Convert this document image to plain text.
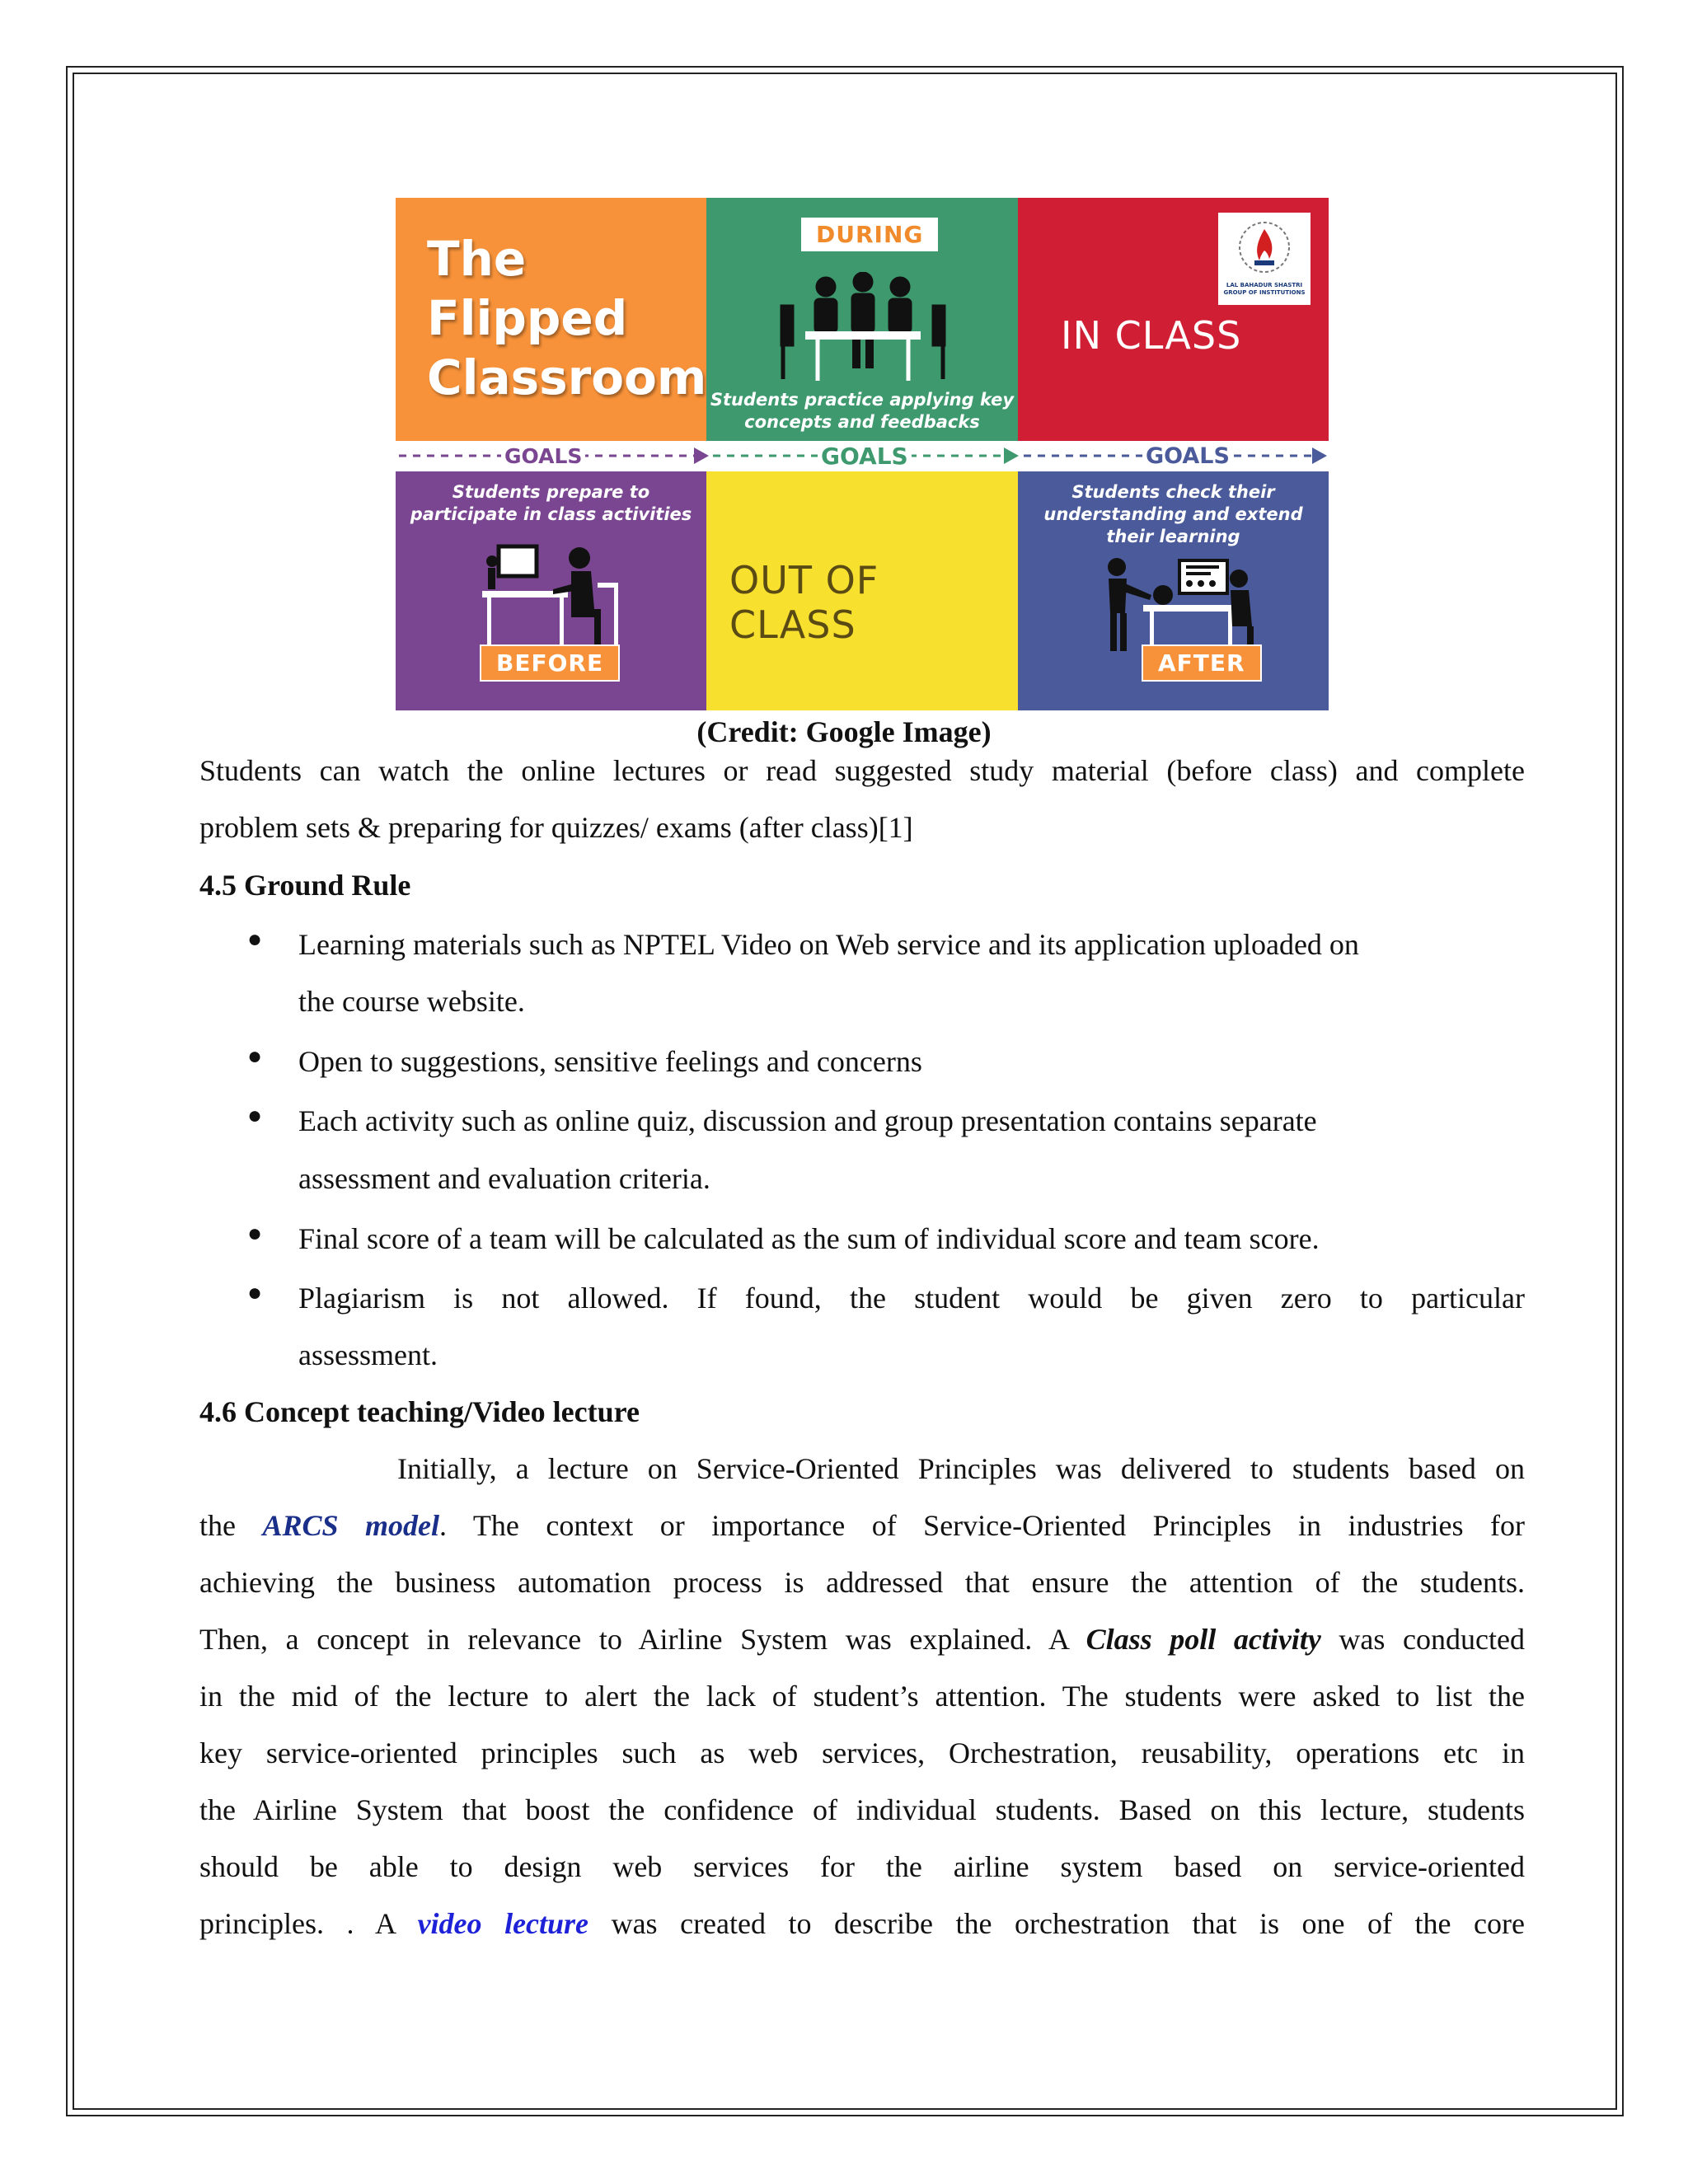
The
Flipped
Classroom
DURING
Students practice applying key
concepts and feedbacks
LAL BAHADUR SHASTRI
GROUP OF INSTITUTIONS
IN CLASS
GOALS	GOALS	GOALS
Students prepare to
participate in class activities
BEFORE
OUT OF CLASS
Students check their
understanding and extend
their learning
AFTER
(Credit: Google Image)

Students can watch the online lectures or read suggested study material (before class) and complete

problem sets & preparing for quizzes/ exams (after class)[1]

4.5 Ground Rule
● Learning materials such as NPTEL Video on Web service and its application uploaded on

the course website.

● Open to suggestions, sensitive feelings and concerns

● Each activity such as online quiz, discussion and group presentation contains separate

assessment and evaluation criteria.

● Final score of a team will be calculated as the sum of individual score and team score.

● Plagiarism is not allowed. If found, the student would be given zero to particular

assessment.

4.6 Concept teaching/Video lecture

Initially, a lecture on Service-Oriented Principles was delivered to students based on

the ARCS model. The context or importance of Service-Oriented Principles in industries for

achieving the business automation process is addressed that ensure the attention of the students.

Then, a concept in relevance to Airline System was explained. A Class poll activity was conducted

in the mid of the lecture to alert the lack of student’s attention. The students were asked to list the

key service-oriented principles such as web services, Orchestration, reusability, operations etc in

the Airline System that boost the confidence of individual students. Based on this lecture, students

should be able to design web services for the airline system based on service-oriented

principles. . A video lecture was created to describe the orchestration that is one of the core
